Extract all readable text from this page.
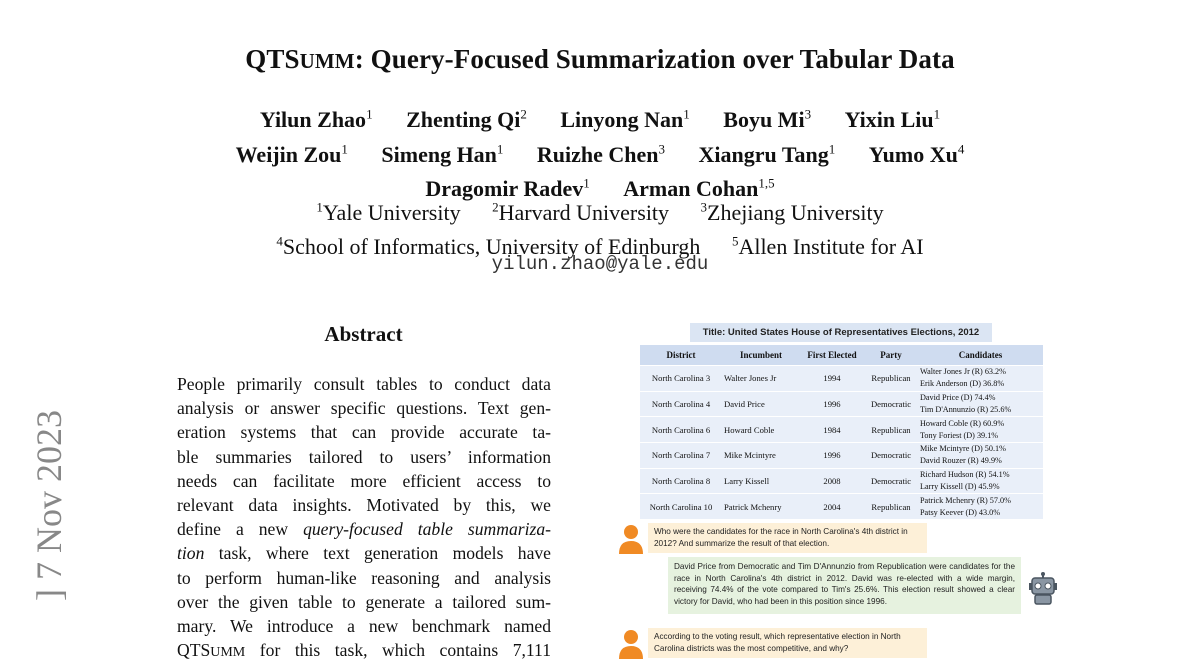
QTSUMM: Query-Focused Summarization over Tabular Data
Yilun Zhao$^1$ Zhenting Qi$^2$ Linyong Nan$^1$ Boyu Mi$^3$ Yixin Liu$^1$
Weijin Zou$^1$ Simeng Han$^1$ Ruizhe Chen$^3$ Xiangru Tang$^1$ Yumo Xu$^4$
Dragomir Radev$^1$ Arman Cohan$^{1,5}$
$^1$Yale University $^2$Harvard University $^3$Zhejiang University
$^4$School of Informatics, University of Edinburgh $^5$Allen Institute for AI
yilun.zhao@yale.edu
] 7 Nov 2023
Abstract
People primarily consult tables to conduct data
analysis or answer specific questions. Text gen-
eration systems that can provide accurate ta-
ble summaries tailored to users’ information
needs can facilitate more efficient access to
relevant data insights. Motivated by this, we
define a new query-focused table summariza-
tion task, where text generation models have
to perform human-like reasoning and analysis
over the given table to generate a tailored sum-
mary. We introduce a new benchmark named
QTSUMM for this task, which contains 7,111
Title: United States House of Representatives Elections, 2012
District	Incumbent	First Elected	Party	Candidates
North Carolina 3	Walter Jones Jr	1994	Republican	Walter Jones Jr (R) 63.2%
Erik Anderson (D) 36.8%

North Carolina 4	David Price	1996	Democratic	David Price (D) 74.4%
Tim D'Annunzio (R) 25.6%

North Carolina 6	Howard Coble	1984	Republican	Howard Coble (R) 60.9%
Tony Foriest (D) 39.1%

North Carolina 7	Mike Mcintyre	1996	Democratic	Mike Mcintyre (D) 50.1%
David Rouzer (R) 49.9%

North Carolina 8	Larry Kissell	2008	Democratic	Richard Hudson (R) 54.1%
Larry Kissell (D) 45.9%

North Carolina 10	Patrick Mchenry	2004	Republican	Patrick Mchenry (R) 57.0%
Patsy Keever (D) 43.0%
Who were the candidates for the race in North Carolina's 4th district in 2012? And summarize the result of that election.
David Price from Democratic and Tim D'Annunzio from Republication were candidates for the race in North Carolina's 4th district in 2012. David was re-elected with a wide margin, receiving 74.4% of the vote compared to Tim's 25.6%. This election result showed a clear victory for David, who had been in this position since 1996.
According to the voting result, which representative election in North Carolina districts was the most competitive, and why?
